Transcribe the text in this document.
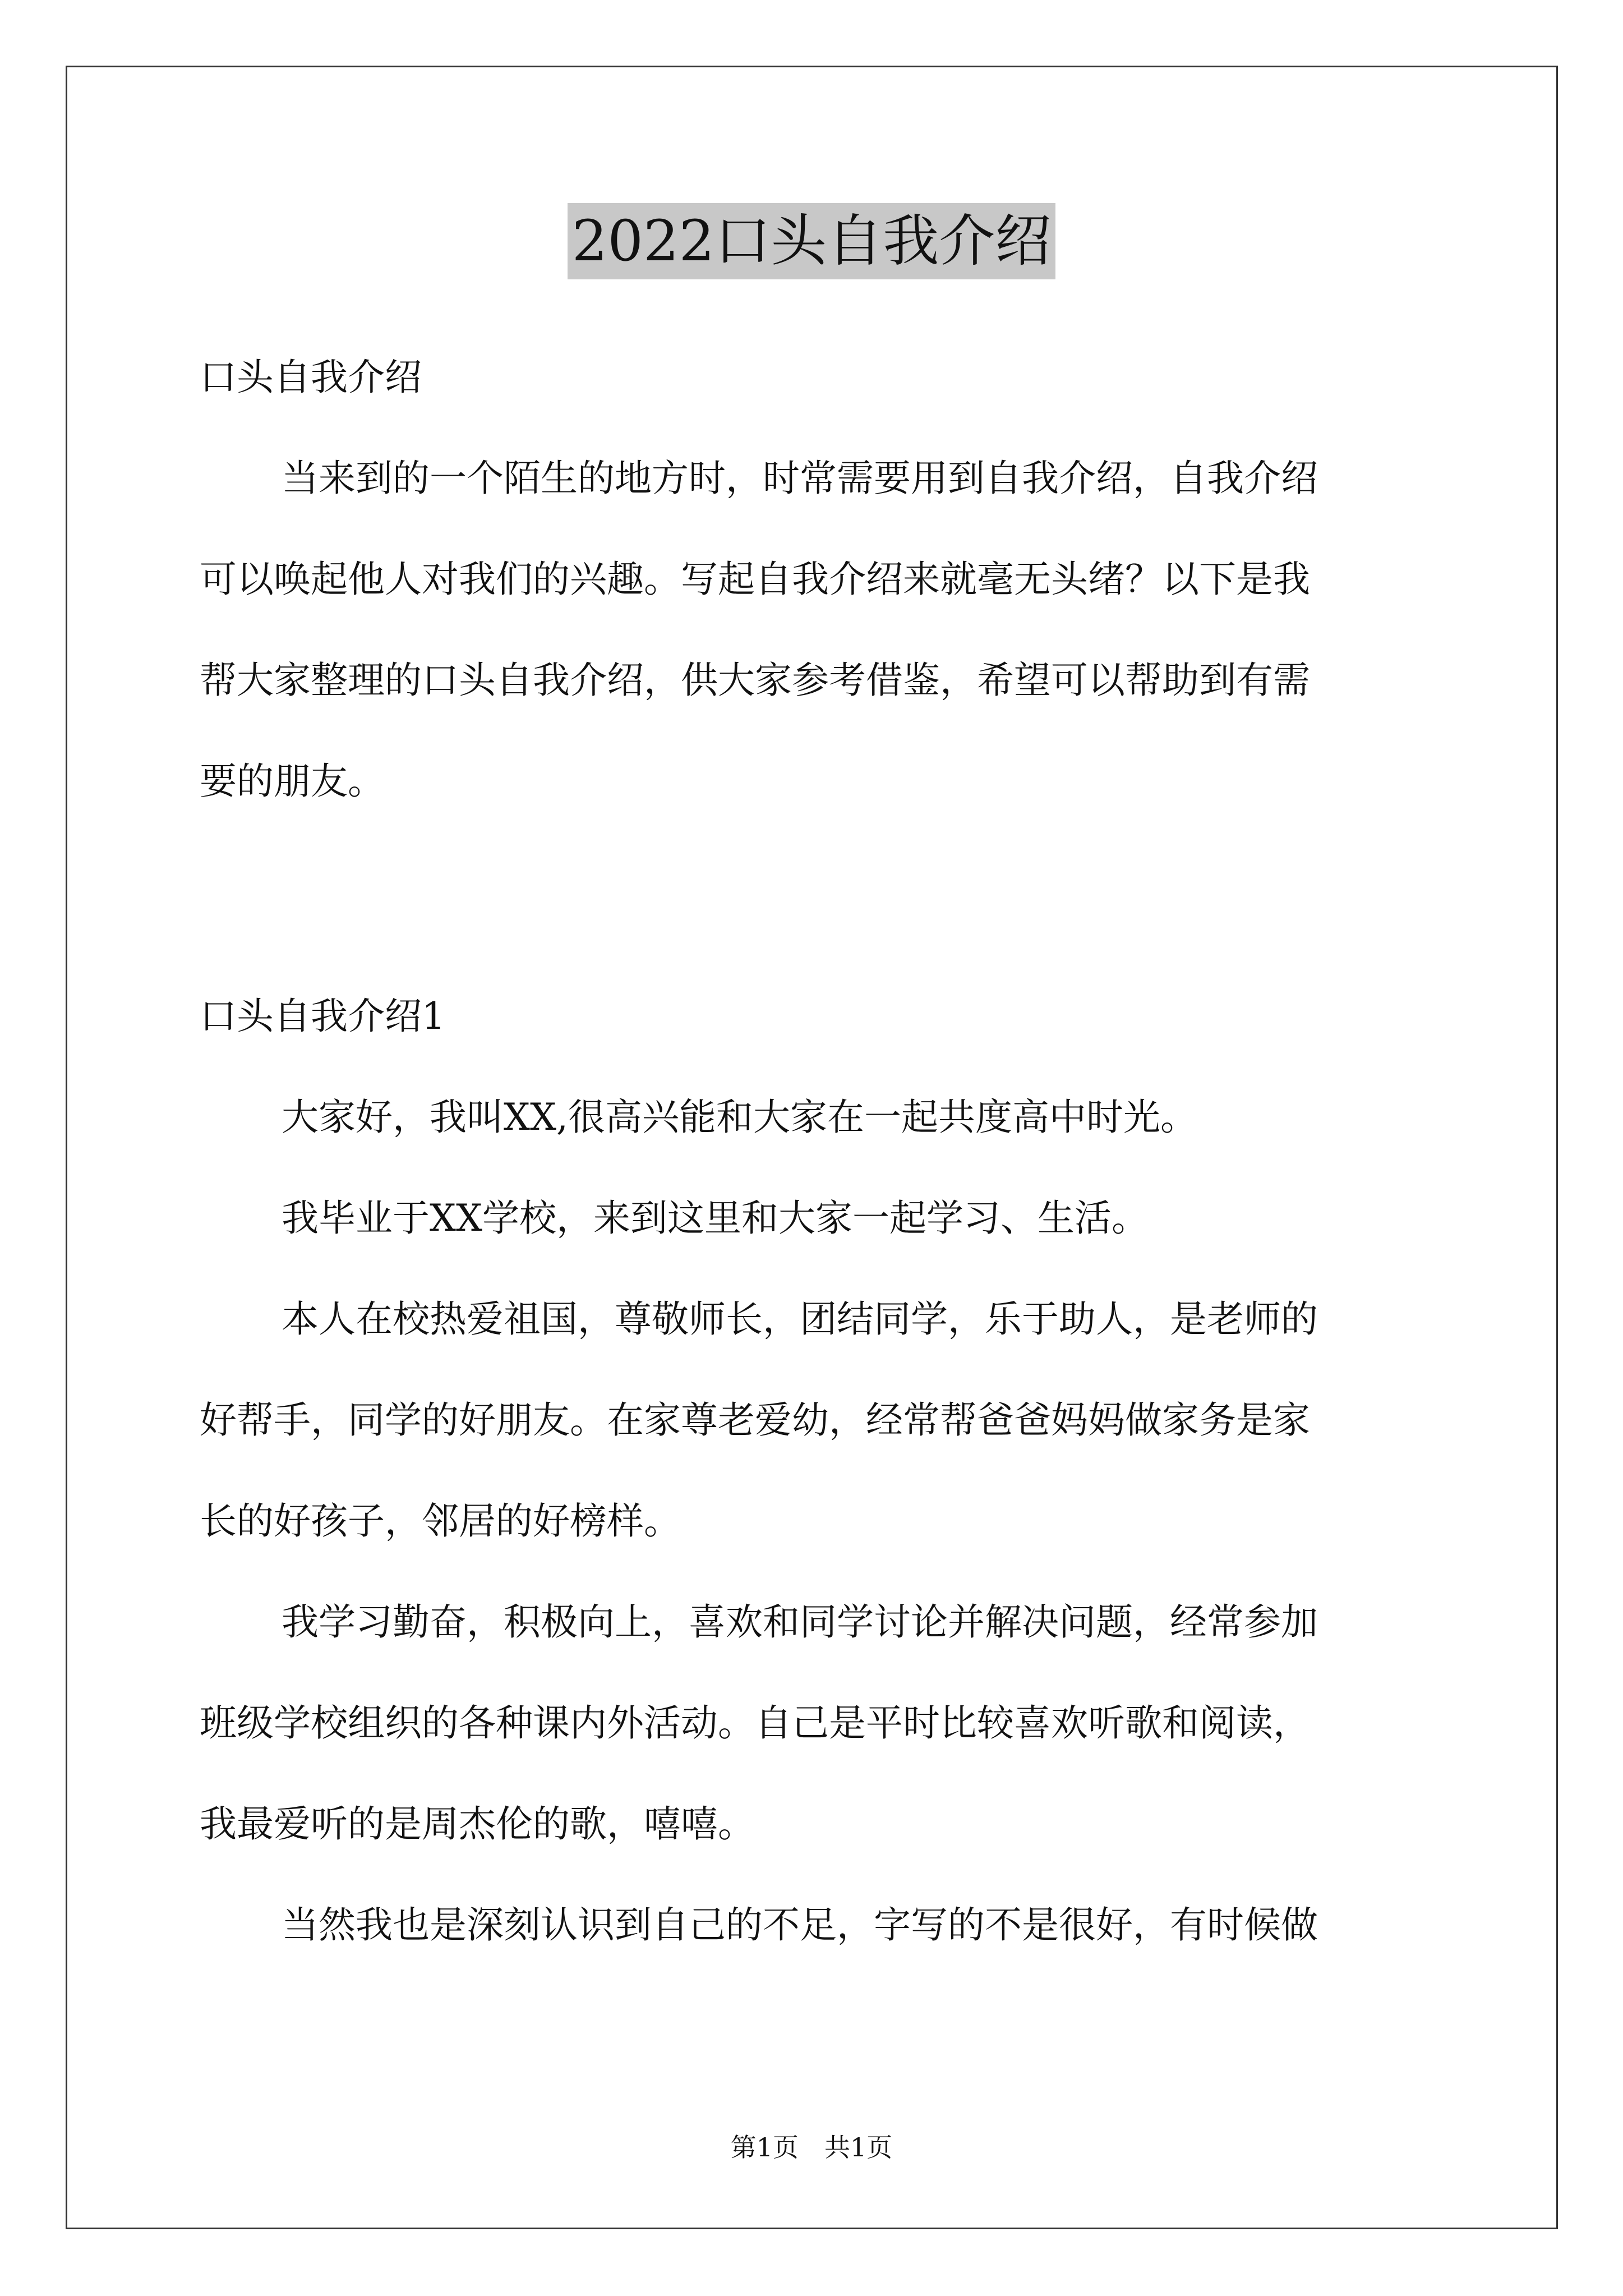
2022口头自我介绍
口头自我介绍
当来到的一个陌生的地方时，时常需要用到自我介绍，自我介绍
可以唤起他人对我们的兴趣。写起自我介绍来就毫无头绪？以下是我
帮大家整理的口头自我介绍，供大家参考借鉴，希望可以帮助到有需
要的朋友。
口头自我介绍1
大家好，我叫XX,很高兴能和大家在一起共度高中时光。
我毕业于XX学校，来到这里和大家一起学习、生活。
本人在校热爱祖国，尊敬师长，团结同学，乐于助人，是老师的
好帮手，同学的好朋友。在家尊老爱幼，经常帮爸爸妈妈做家务是家
长的好孩子，邻居的好榜样。
我学习勤奋，积极向上，喜欢和同学讨论并解决问题，经常参加
班级学校组织的各种课内外活动。自己是平时比较喜欢听歌和阅读，
我最爱听的是周杰伦的歌，嘻嘻。
当然我也是深刻认识到自己的不足，字写的不是很好，有时候做
第1页　共1页
